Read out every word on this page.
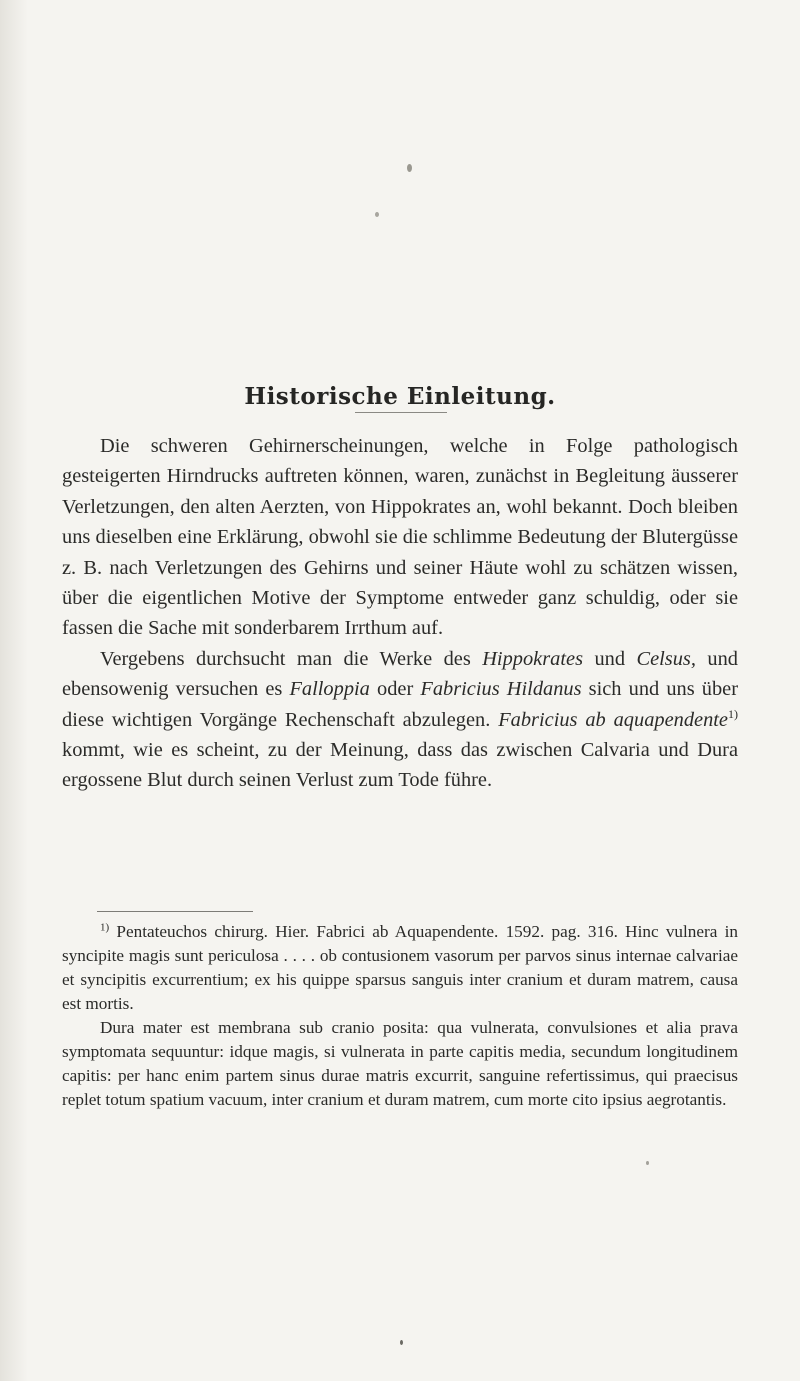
Historische Einleitung.

Die schweren Gehirnerscheinungen, welche in Folge pathologisch gesteigerten Hirndrucks auftreten können, waren, zunächst in Begleitung äusserer Verletzungen, den alten Aerzten, von Hippokrates an, wohl bekannt. Doch bleiben uns dieselben eine Erklärung, obwohl sie die schlimme Bedeutung der Blutergüsse z. B. nach Verletzungen des Gehirns und seiner Häute wohl zu schätzen wissen, über die eigentlichen Motive der Symptome entweder ganz schuldig, oder sie fassen die Sache mit sonderbarem Irrthum auf.

Vergebens durchsucht man die Werke des Hippokrates und Celsus, und ebensowenig versuchen es Falloppia oder Fabricius Hildanus sich und uns über diese wichtigen Vorgänge Rechenschaft abzulegen. Fabricius ab aquapendente$^{1)}$ kommt, wie es scheint, zu der Meinung, dass das zwischen Calvaria und Dura ergossene Blut durch seinen Verlust zum Tode führe.

$^{1)}$ Pentateuchos chirurg. Hier. Fabrici ab Aquapendente. 1592. pag. 316. Hinc vulnera in syncipite magis sunt periculosa . . . . ob contusionem vasorum per parvos sinus internae calvariae et syncipitis excurrentium; ex his quippe sparsus sanguis inter cranium et duram matrem, causa est mortis.

Dura mater est membrana sub cranio posita: qua vulnerata, convulsiones et alia prava symptomata sequuntur: idque magis, si vulnerata in parte capitis media, secundum longitudinem capitis: per hanc enim partem sinus durae matris excurrit, sanguine refertissimus, qui praecisus replet totum spatium vacuum, inter cranium et duram matrem, cum morte cito ipsius aegrotantis.
